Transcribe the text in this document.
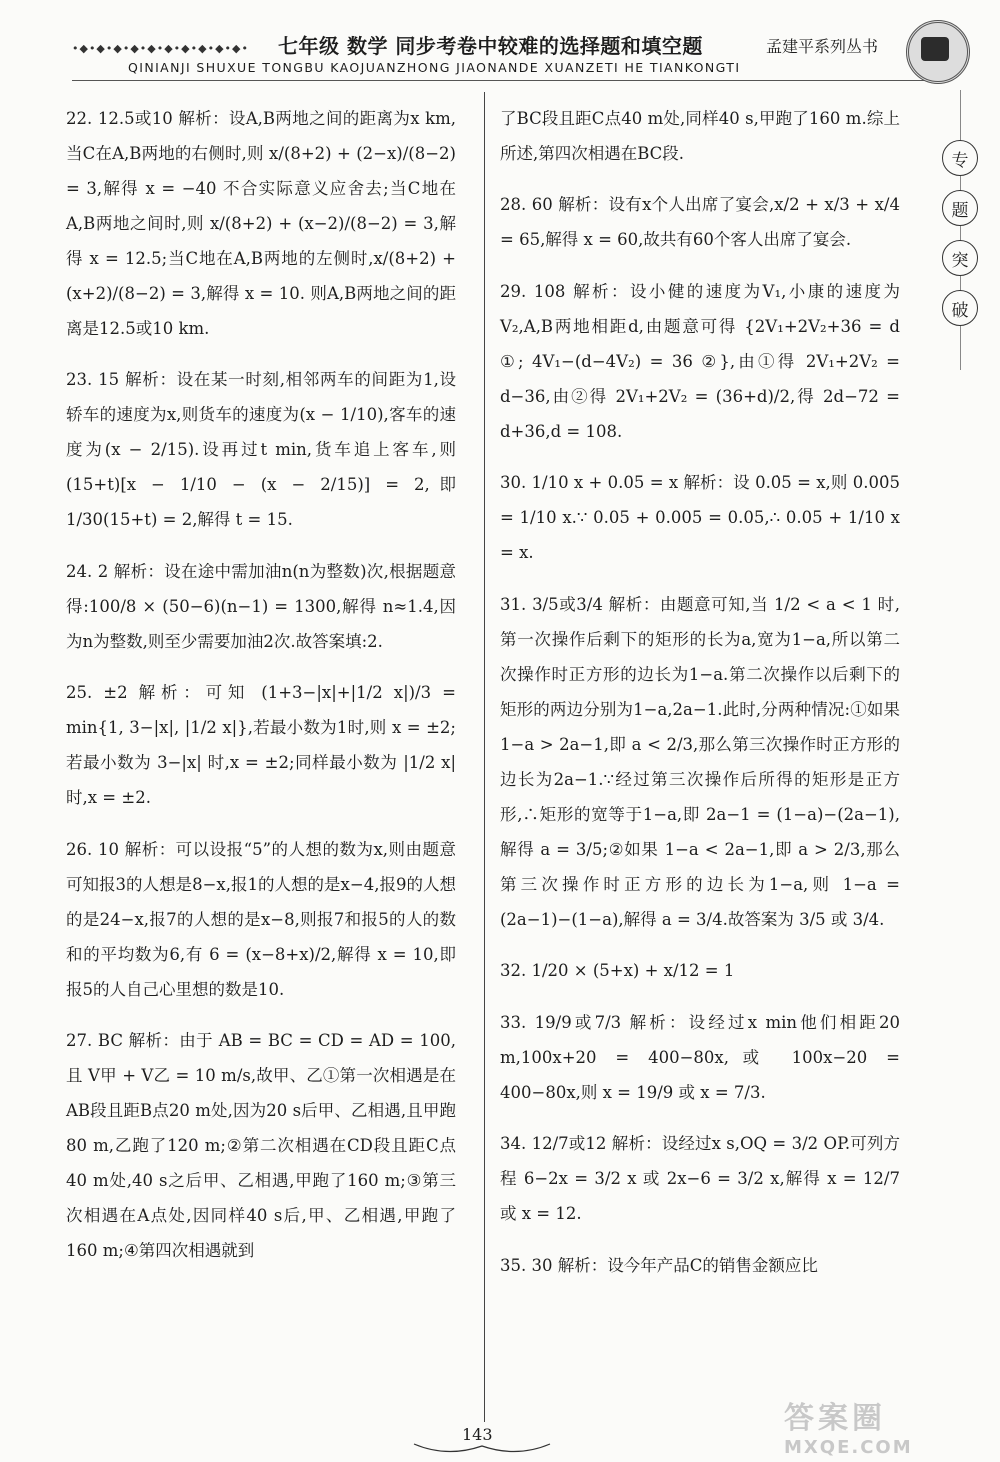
•◆•◆•◆•◆•◆•◆•◆•◆•◆•◆• 七年级 数学 同步考卷中较难的选择题和填空题	孟建平系列丛书
QINIANJI SHUXUE TONGBU KAOJUANZHONG JIAONANDE XUANZETI HE TIANKONGTI
专
题
突
破

22. 12.5或10 解析：设A,B两地之间的距离为x km,当C在A,B两地的右侧时,则 x/(8+2) + (2−x)/(8−2) = 3,解得 x = −40 不合实际意义应舍去;当C地在A,B两地之间时,则 x/(8+2) + (x−2)/(8−2) = 3,解得 x = 12.5;当C地在A,B两地的左侧时,x/(8+2) + (x+2)/(8−2) = 3,解得 x = 10. 则A,B两地之间的距离是12.5或10 km.

23. 15 解析：设在某一时刻,相邻两车的间距为1,设轿车的速度为x,则货车的速度为(x − 1/10),客车的速度为(x − 2/15).设再过t min,货车追上客车,则(15+t)[x − 1/10 − (x − 2/15)] = 2,即 1/30(15+t) = 2,解得 t = 15.

24. 2 解析：设在途中需加油n(n为整数)次,根据题意得:100/8 × (50−6)(n−1) = 1300,解得 n≈1.4,因为n为整数,则至少需要加油2次.故答案填:2.

25. ±2 解析：可知 (1+3−|x|+|1/2 x|)/3 = min{1, 3−|x|, |1/2 x|},若最小数为1时,则 x = ±2;若最小数为 3−|x| 时,x = ±2;同样最小数为 |1/2 x| 时,x = ±2.

26. 10 解析：可以设报“5”的人想的数为x,则由题意可知报3的人想是8−x,报1的人想的是x−4,报9的人想的是24−x,报7的人想的是x−8,则报7和报5的人的数和的平均数为6,有 6 = (x−8+x)/2,解得 x = 10,即报5的人自己心里想的数是10.

27. BC 解析：由于 AB = BC = CD = AD = 100,且 V甲 + V乙 = 10 m/s,故甲、乙①第一次相遇是在AB段且距B点20 m处,因为20 s后甲、乙相遇,且甲跑80 m,乙跑了120 m;②第二次相遇在CD段且距C点40 m处,40 s之后甲、乙相遇,甲跑了160 m;③第三次相遇在A点处,因同样40 s后,甲、乙相遇,甲跑了160 m;④第四次相遇就到

了BC段且距C点40 m处,同样40 s,甲跑了160 m.综上所述,第四次相遇在BC段.

28. 60 解析：设有x个人出席了宴会,x/2 + x/3 + x/4 = 65,解得 x = 60,故共有60个客人出席了宴会.

29. 108 解析：设小健的速度为V₁,小康的速度为V₂,A,B两地相距d,由题意可得 {2V₁+2V₂+36 = d ①; 4V₁−(d−4V₂) = 36 ②},由①得 2V₁+2V₂ = d−36,由②得 2V₁+2V₂ = (36+d)/2,得 2d−72 = d+36,d = 108.

30. 1/10 x + 0.05 = x 解析：设 0.0̇5 = x,则 0.00̇5 = 1/10 x.∵ 0.05 + 0.005 = 0.05,∴ 0.05 + 1/10 x = x.

31. 3/5或3/4 解析：由题意可知,当 1/2 < a < 1 时,第一次操作后剩下的矩形的长为a,宽为1−a,所以第二次操作时正方形的边长为1−a.第二次操作以后剩下的矩形的两边分别为1−a,2a−1.此时,分两种情况:①如果 1−a > 2a−1,即 a < 2/3,那么第三次操作时正方形的边长为2a−1.∵经过第三次操作后所得的矩形是正方形,∴矩形的宽等于1−a,即 2a−1 = (1−a)−(2a−1),解得 a = 3/5;②如果 1−a < 2a−1,即 a > 2/3,那么第三次操作时正方形的边长为1−a,则 1−a = (2a−1)−(1−a),解得 a = 3/4.故答案为 3/5 或 3/4.

32. 1/20 × (5+x) + x/12 = 1

33. 19/9或7/3 解析：设经过x min他们相距20 m,100x+20 = 400−80x,或 100x−20 = 400−80x,则 x = 19/9 或 x = 7/3.

34. 12/7或12 解析：设经过x s,OQ = 3/2 OP.可列方程 6−2x = 3/2 x 或 2x−6 = 3/2 x,解得 x = 12/7 或 x = 12.

35. 30 解析：设今年产品C的销售金额应比

143	答案圈
MXQE.COM
